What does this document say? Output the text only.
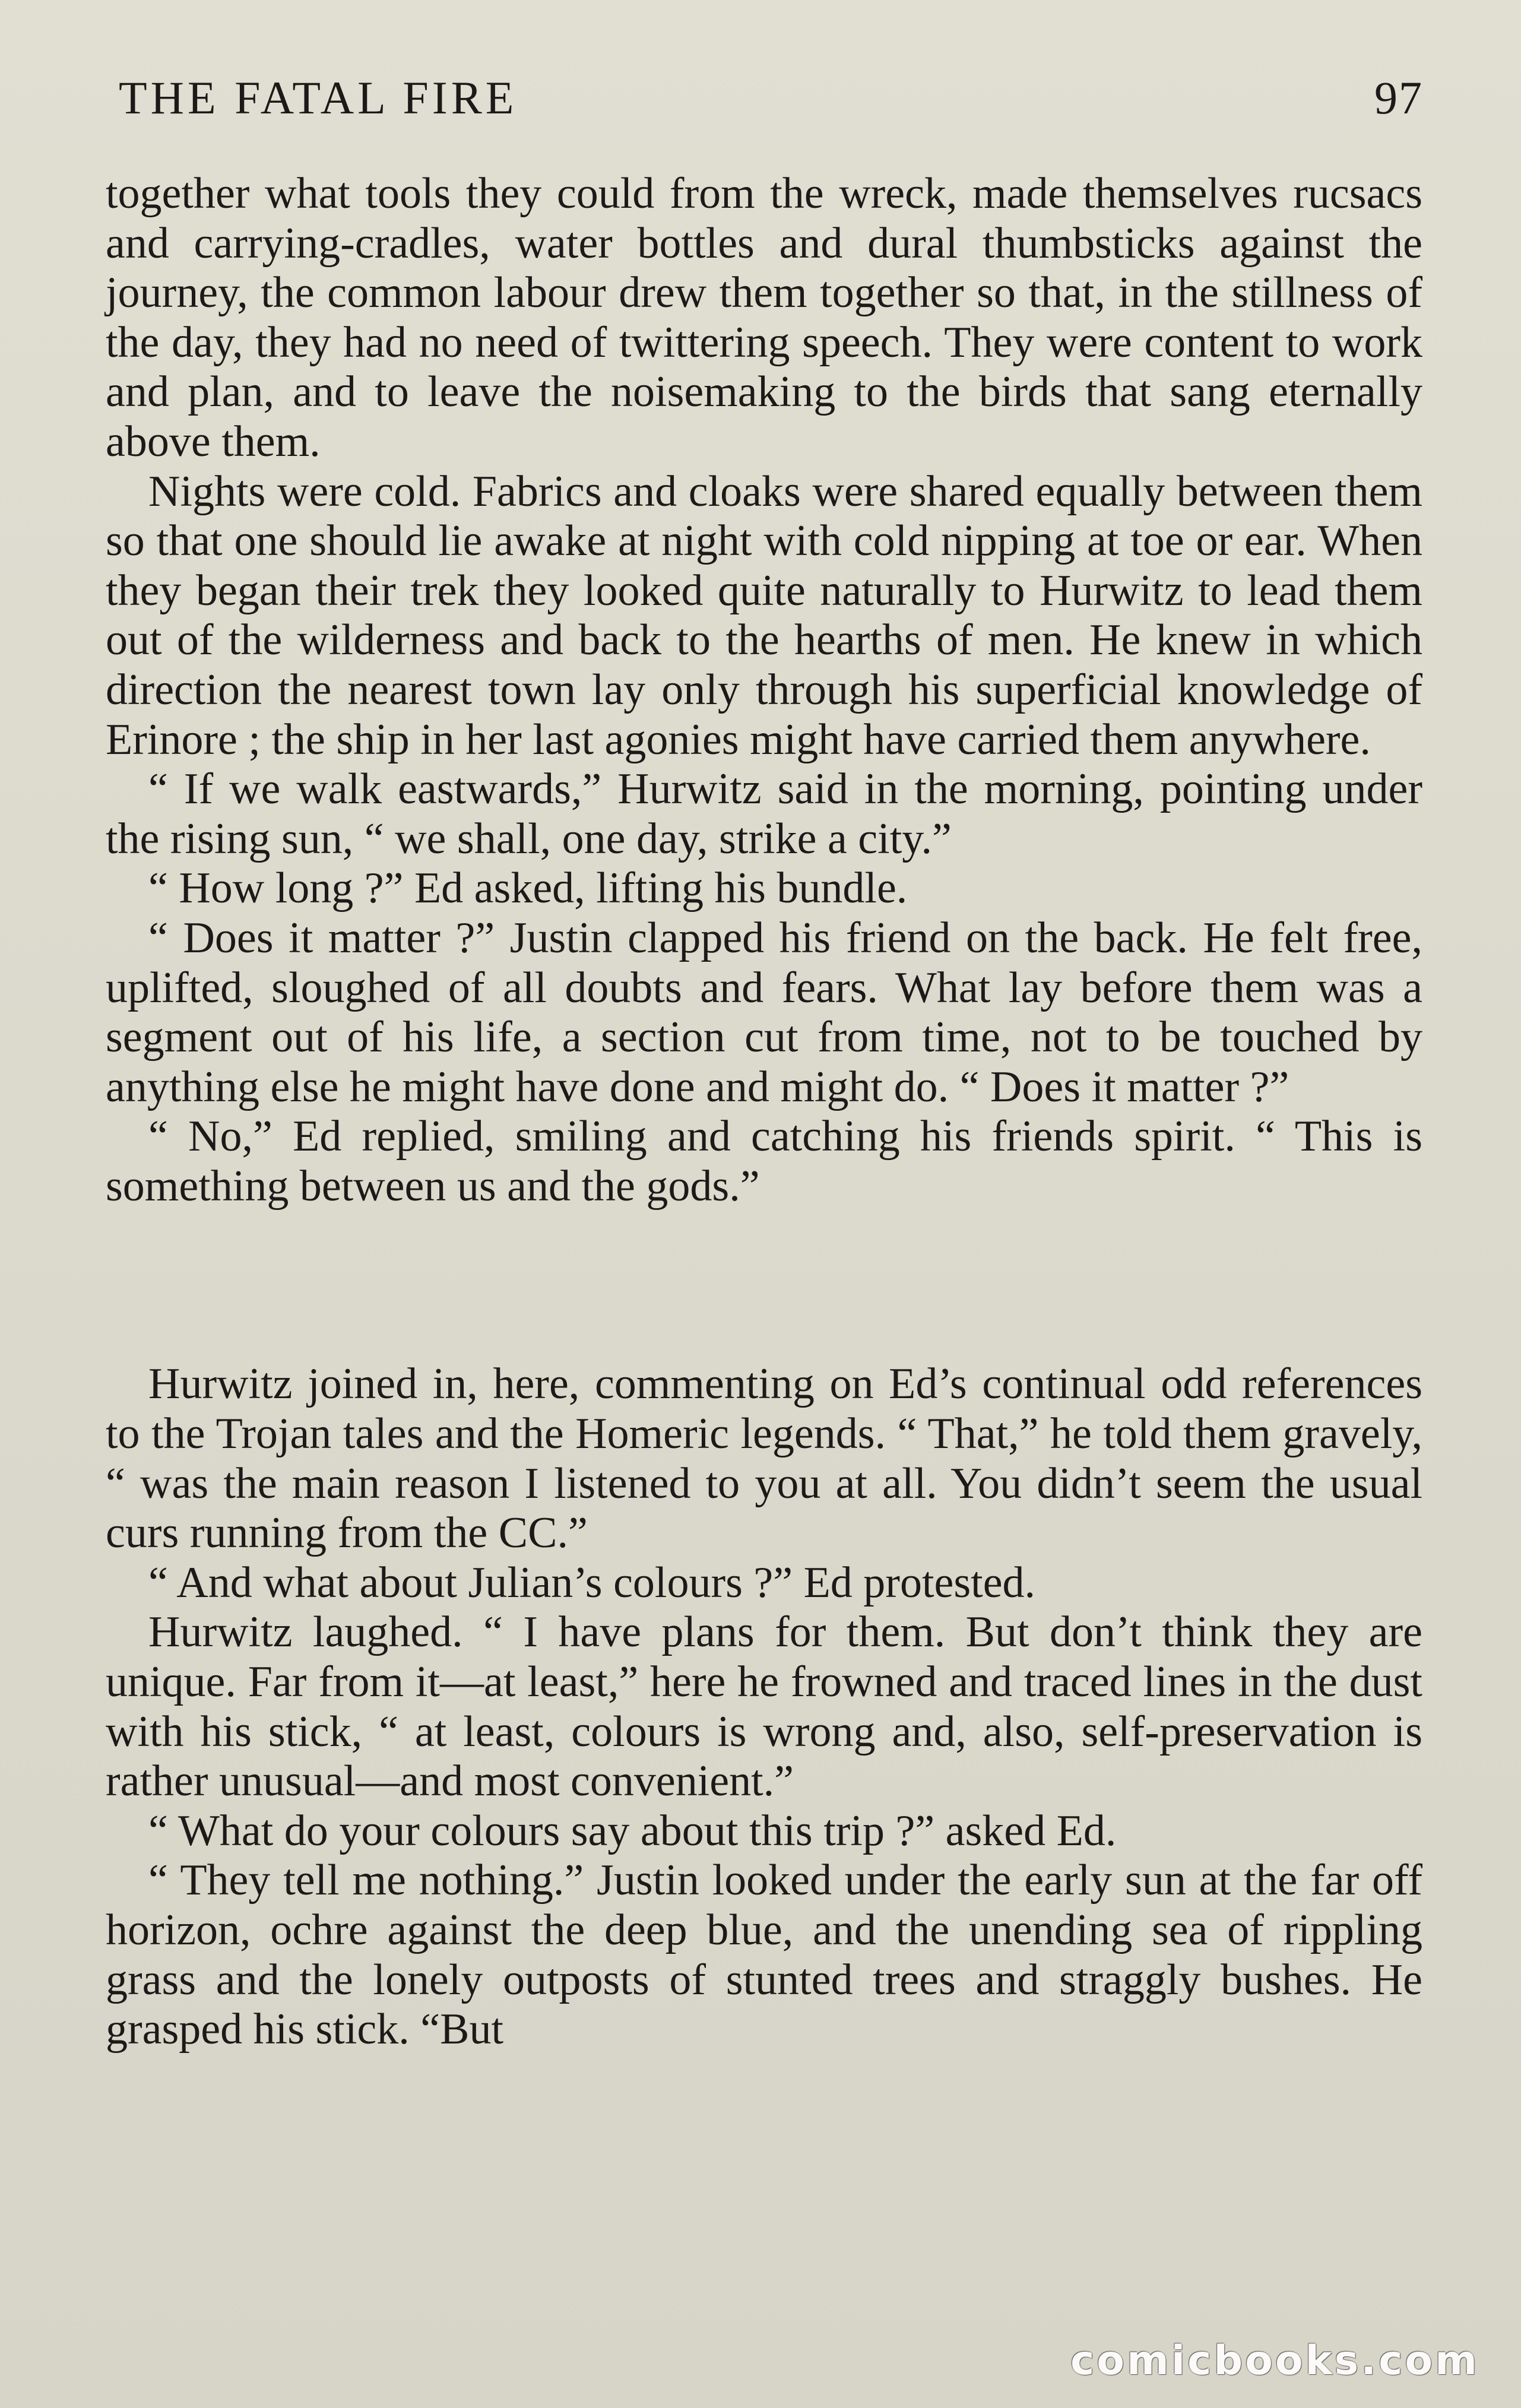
THE FATAL FIRE	97

together what tools they could from the wreck, made themselves rucsacs and carrying-cradles, water bottles and dural thumbsticks against the journey, the common labour drew them together so that, in the stillness of the day, they had no need of twittering speech. They were content to work and plan, and to leave the noisemaking to the birds that sang eternally above them.

Nights were cold. Fabrics and cloaks were shared equally between them so that one should lie awake at night with cold nipping at toe or ear. When they began their trek they looked quite naturally to Hurwitz to lead them out of the wilderness and back to the hearths of men. He knew in which direction the nearest town lay only through his superficial knowledge of Erinore ; the ship in her last agonies might have carried them anywhere.

“ If we walk eastwards,” Hurwitz said in the morning, pointing under the rising sun, “ we shall, one day, strike a city.”

“ How long ?” Ed asked, lifting his bundle.

“ Does it matter ?” Justin clapped his friend on the back. He felt free, uplifted, sloughed of all doubts and fears. What lay before them was a segment out of his life, a section cut from time, not to be touched by anything else he might have done and might do. “ Does it matter ?”

“ No,” Ed replied, smiling and catching his friends spirit. “ This is something between us and the gods.”

Hurwitz joined in, here, commenting on Ed’s continual odd references to the Trojan tales and the Homeric legends. “ That,” he told them gravely, “ was the main reason I listened to you at all. You didn’t seem the usual curs running from the CC.”

“ And what about Julian’s colours ?” Ed protested.

Hurwitz laughed. “ I have plans for them. But don’t think they are unique. Far from it—at least,” here he frowned and traced lines in the dust with his stick, “ at least, colours is wrong and, also, self-preservation is rather unusual—and most convenient.”

“ What do your colours say about this trip ?” asked Ed.

“ They tell me nothing.” Justin looked under the early sun at the far off horizon, ochre against the deep blue, and the unending sea of rippling grass and the lonely outposts of stunted trees and straggly bushes. He grasped his stick. “But

comicbooks.com
